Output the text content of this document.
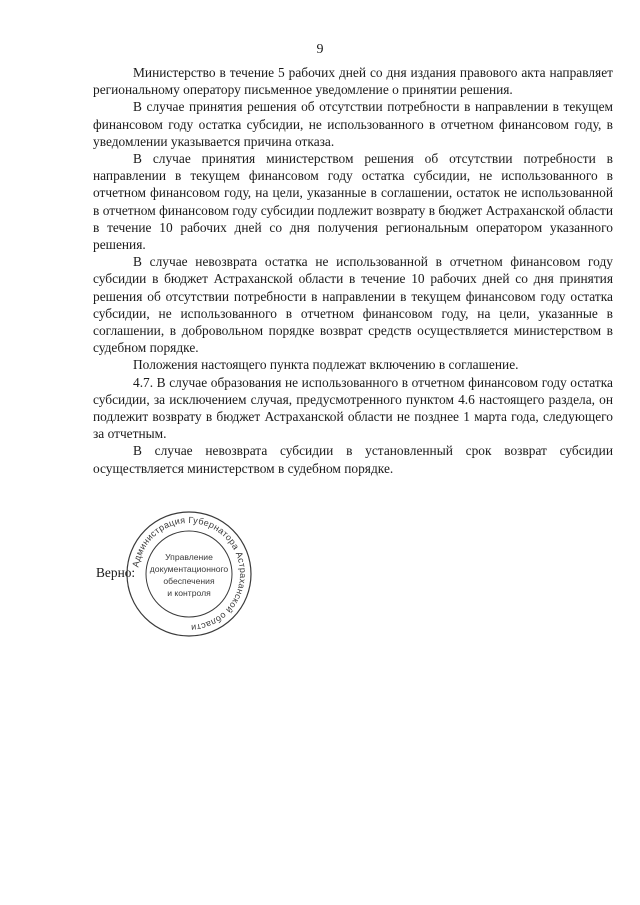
9

Министерство в течение 5 рабочих дней со дня издания правового акта направляет региональному оператору письменное уведомление о принятии решения.

В случае принятия решения об отсутствии потребности в направлении в текущем финансовом году остатка субсидии, не использованного в отчетном финансовом году, в уведомлении указывается причина отказа.

В случае принятия министерством решения об отсутствии потребности в направлении в текущем финансовом году остатка субсидии, не использованного в отчетном финансовом году, на цели, указанные в соглашении, остаток не использованной в отчетном финансовом году субсидии подлежит возврату в бюджет Астраханской области в течение 10 рабочих дней со дня получения региональным оператором указанного решения.

В случае невозврата остатка не использованной в отчетном финансовом году субсидии в бюджет Астраханской области в течение 10 рабочих дней со дня принятия решения об отсутствии потребности в направлении в текущем финансовом году остатка субсидии, не использованного в отчетном финансовом году, на цели, указанные в соглашении, в добровольном порядке возврат средств осуществляется министерством в судебном порядке.

Положения настоящего пункта подлежат включению в соглашение.

4.7. В случае образования не использованного в отчетном финансовом году остатка субсидии, за исключением случая, предусмотренного пунктом 4.6 настоящего раздела, он подлежит возврату в бюджет Астраханской области не позднее 1 марта года, следующего за отчетным.

В случае невозврата субсидии в установленный срок возврат субсидии осуществляется министерством в судебном порядке.

Верно:
Администрация Губернатора Астраханской области
Управление
документационного
обеспечения
и контроля
